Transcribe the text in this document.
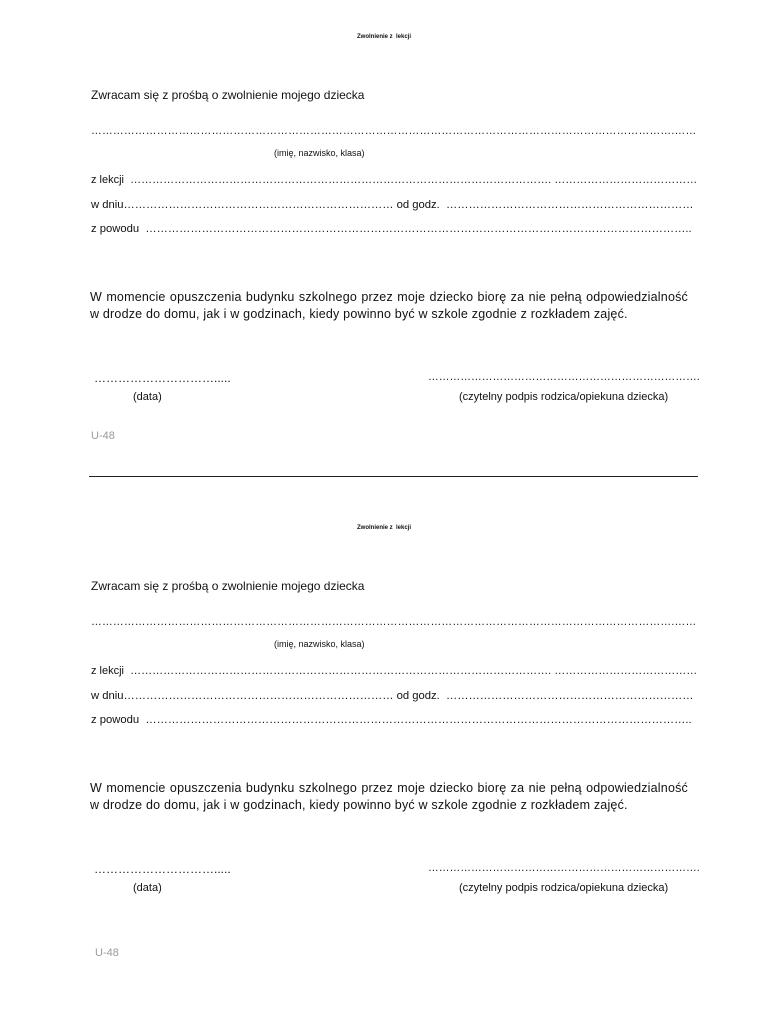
Zwolnienie z  lekcji
Zwracam się z prośbą o zwolnienie mojego dziecka
…………………………………………………………………………………………………………………………………………….……
(imię, nazwisko, klasa)
z lekcji  ……………………………………………………………………………………………………. …………………………………
w dniu……………………………………………………………… od godz.  …………………………………………………………
z powodu  ………………………………………………………………………………………………………………………………..
W momencie opuszczenia budynku szkolnego przez moje dziecko biorę za nie pełną odpowiedzialność w drodze do domu, jak i w godzinach, kiedy powinno być w szkole zgodnie z rozkładem zajęć.
………………………….....	………………………………………………………………….
(data)	(czytelny podpis rodzica/opiekuna dziecka)
U-48
Zwolnienie z  lekcji
Zwracam się z prośbą o zwolnienie mojego dziecka
…………………………………………………………………………………………………………………………………………….……
(imię, nazwisko, klasa)
z lekcji  ……………………………………………………………………………………………………. …………………………………
w dniu……………………………………………………………… od godz.  …………………………………………………………
z powodu  ………………………………………………………………………………………………………………………………..
W momencie opuszczenia budynku szkolnego przez moje dziecko biorę za nie pełną odpowiedzialność w drodze do domu, jak i w godzinach, kiedy powinno być w szkole zgodnie z rozkładem zajęć.
………………………….....	………………………………………………………………….
(data)	(czytelny podpis rodzica/opiekuna dziecka)
U-48
